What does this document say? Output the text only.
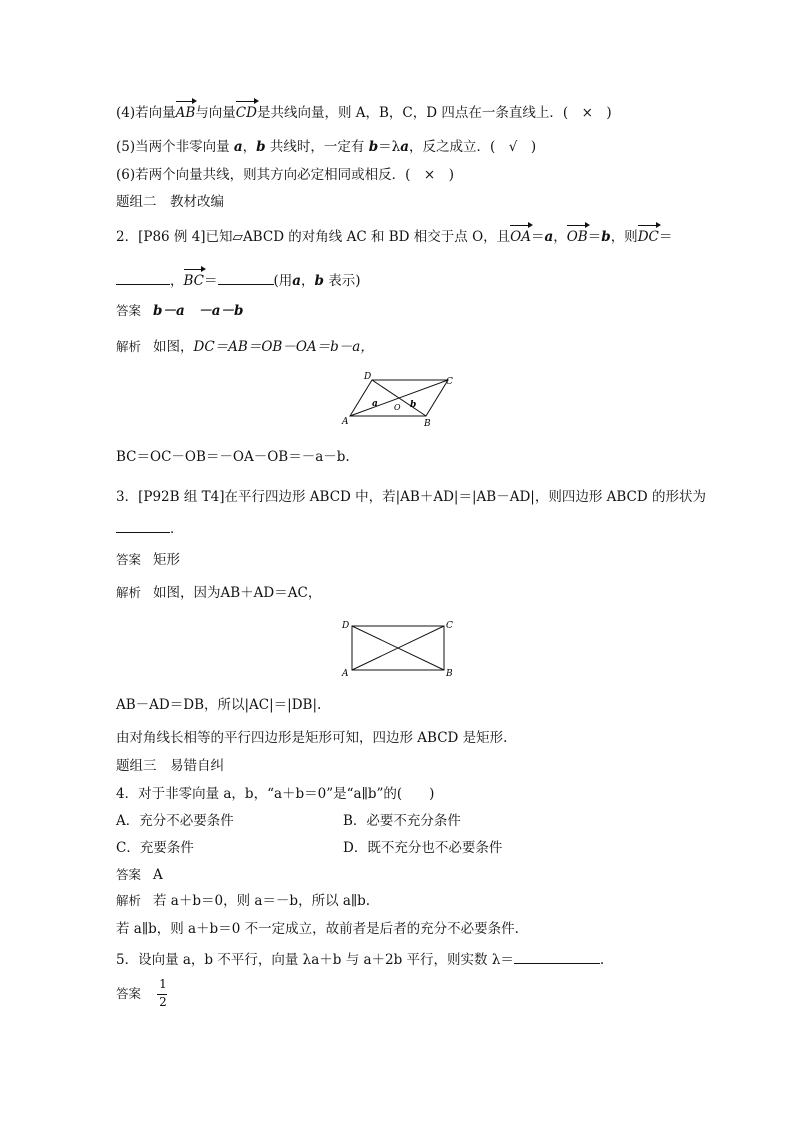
(4)若向量AB与向量CD是共线向量，则 A，B，C，D 四点在一条直线上．(　×　)
(5)当两个非零向量 a，b 共线时，一定有 b＝λa，反之成立．(　√　)
(6)若两个向量共线，则其方向必定相同或相反．(　×　)
题组二　教材改编
2．[P86 例 4]已知▱ABCD 的对角线 AC 和 BD 相交于点 O，且OA＝a，OB＝b，则DC＝
，BC＝	(用a，b 表示)
答案 b－a　－a－b
解析 如图，DC＝AB＝OB－OA＝b－a，
A	B
C
D
O
a	b
BC＝OC－OB＝－OA－OB＝－a－b.
3．[P92B 组 T4]在平行四边形 ABCD 中，若|AB＋AD|＝|AB－AD|，则四边形 ABCD 的形状为
．
答案 矩形
解析 如图，因为AB＋AD＝AC，
A	B
C
D
AB－AD＝DB，所以|AC|＝|DB|.
由对角线长相等的平行四边形是矩形可知，四边形 ABCD 是矩形.
题组三　易错自纠
4．对于非零向量 a，b，“a＋b＝0”是“a∥b”的(　　)
A．充分不必要条件	B．必要不充分条件
C．充要条件	D．既不充分也不必要条件
答案 A
解析 若 a＋b＝0，则 a＝－b，所以 a∥b.
若 a∥b，则 a＋b＝0 不一定成立，故前者是后者的充分不必要条件.
5．设向量 a，b 不平行，向量 λa＋b 与 a＋2b 平行，则实数 λ＝	.
答案
1
2
